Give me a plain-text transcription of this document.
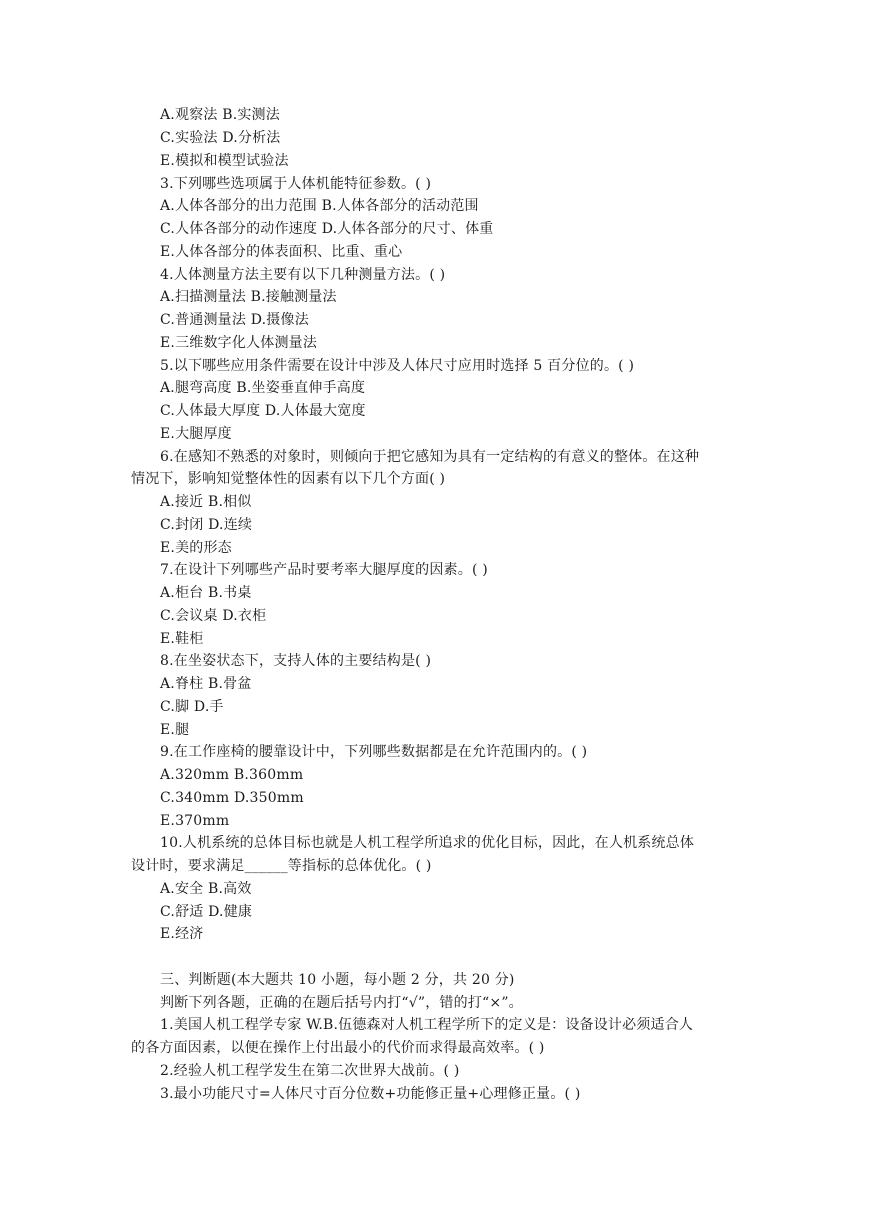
A.观察法 B.实测法
C.实验法 D.分析法
E.模拟和模型试验法
3.下列哪些选项属于人体机能特征参数。( )
A.人体各部分的出力范围 B.人体各部分的活动范围
C.人体各部分的动作速度 D.人体各部分的尺寸、体重
E.人体各部分的体表面积、比重、重心
4.人体测量方法主要有以下几种测量方法。( )
A.扫描测量法 B.接触测量法
C.普通测量法 D.摄像法
E.三维数字化人体测量法
5.以下哪些应用条件需要在设计中涉及人体尺寸应用时选择 5 百分位的。( )
A.腿弯高度 B.坐姿垂直伸手高度
C.人体最大厚度 D.人体最大宽度
E.大腿厚度
6.在感知不熟悉的对象时，则倾向于把它感知为具有一定结构的有意义的整体。在这种
情况下，影响知觉整体性的因素有以下几个方面( )
A.接近 B.相似
C.封闭 D.连续
E.美的形态
7.在设计下列哪些产品时要考率大腿厚度的因素。( )
A.柜台 B.书桌
C.会议桌 D.衣柜
E.鞋柜
8.在坐姿状态下，支持人体的主要结构是( )
A.脊柱 B.骨盆
C.脚 D.手
E.腿
9.在工作座椅的腰靠设计中，下列哪些数据都是在允许范围内的。( )
A.320mm B.360mm
C.340mm D.350mm
E.370mm
10.人机系统的总体目标也就是人机工程学所追求的优化目标，因此，在人机系统总体
设计时，要求满足______等指标的总体优化。( )
A.安全 B.高效
C.舒适 D.健康
E.经济
三、判断题(本大题共 10 小题，每小题 2 分，共 20 分)
判断下列各题，正确的在题后括号内打“√”，错的打“×”。
1.美国人机工程学专家 W.B.伍德森对人机工程学所下的定义是：设备设计必须适合人
的各方面因素，以便在操作上付出最小的代价而求得最高效率。( )
2.经验人机工程学发生在第二次世界大战前。( )
3.最小功能尺寸=人体尺寸百分位数+功能修正量+心理修正量。( )
